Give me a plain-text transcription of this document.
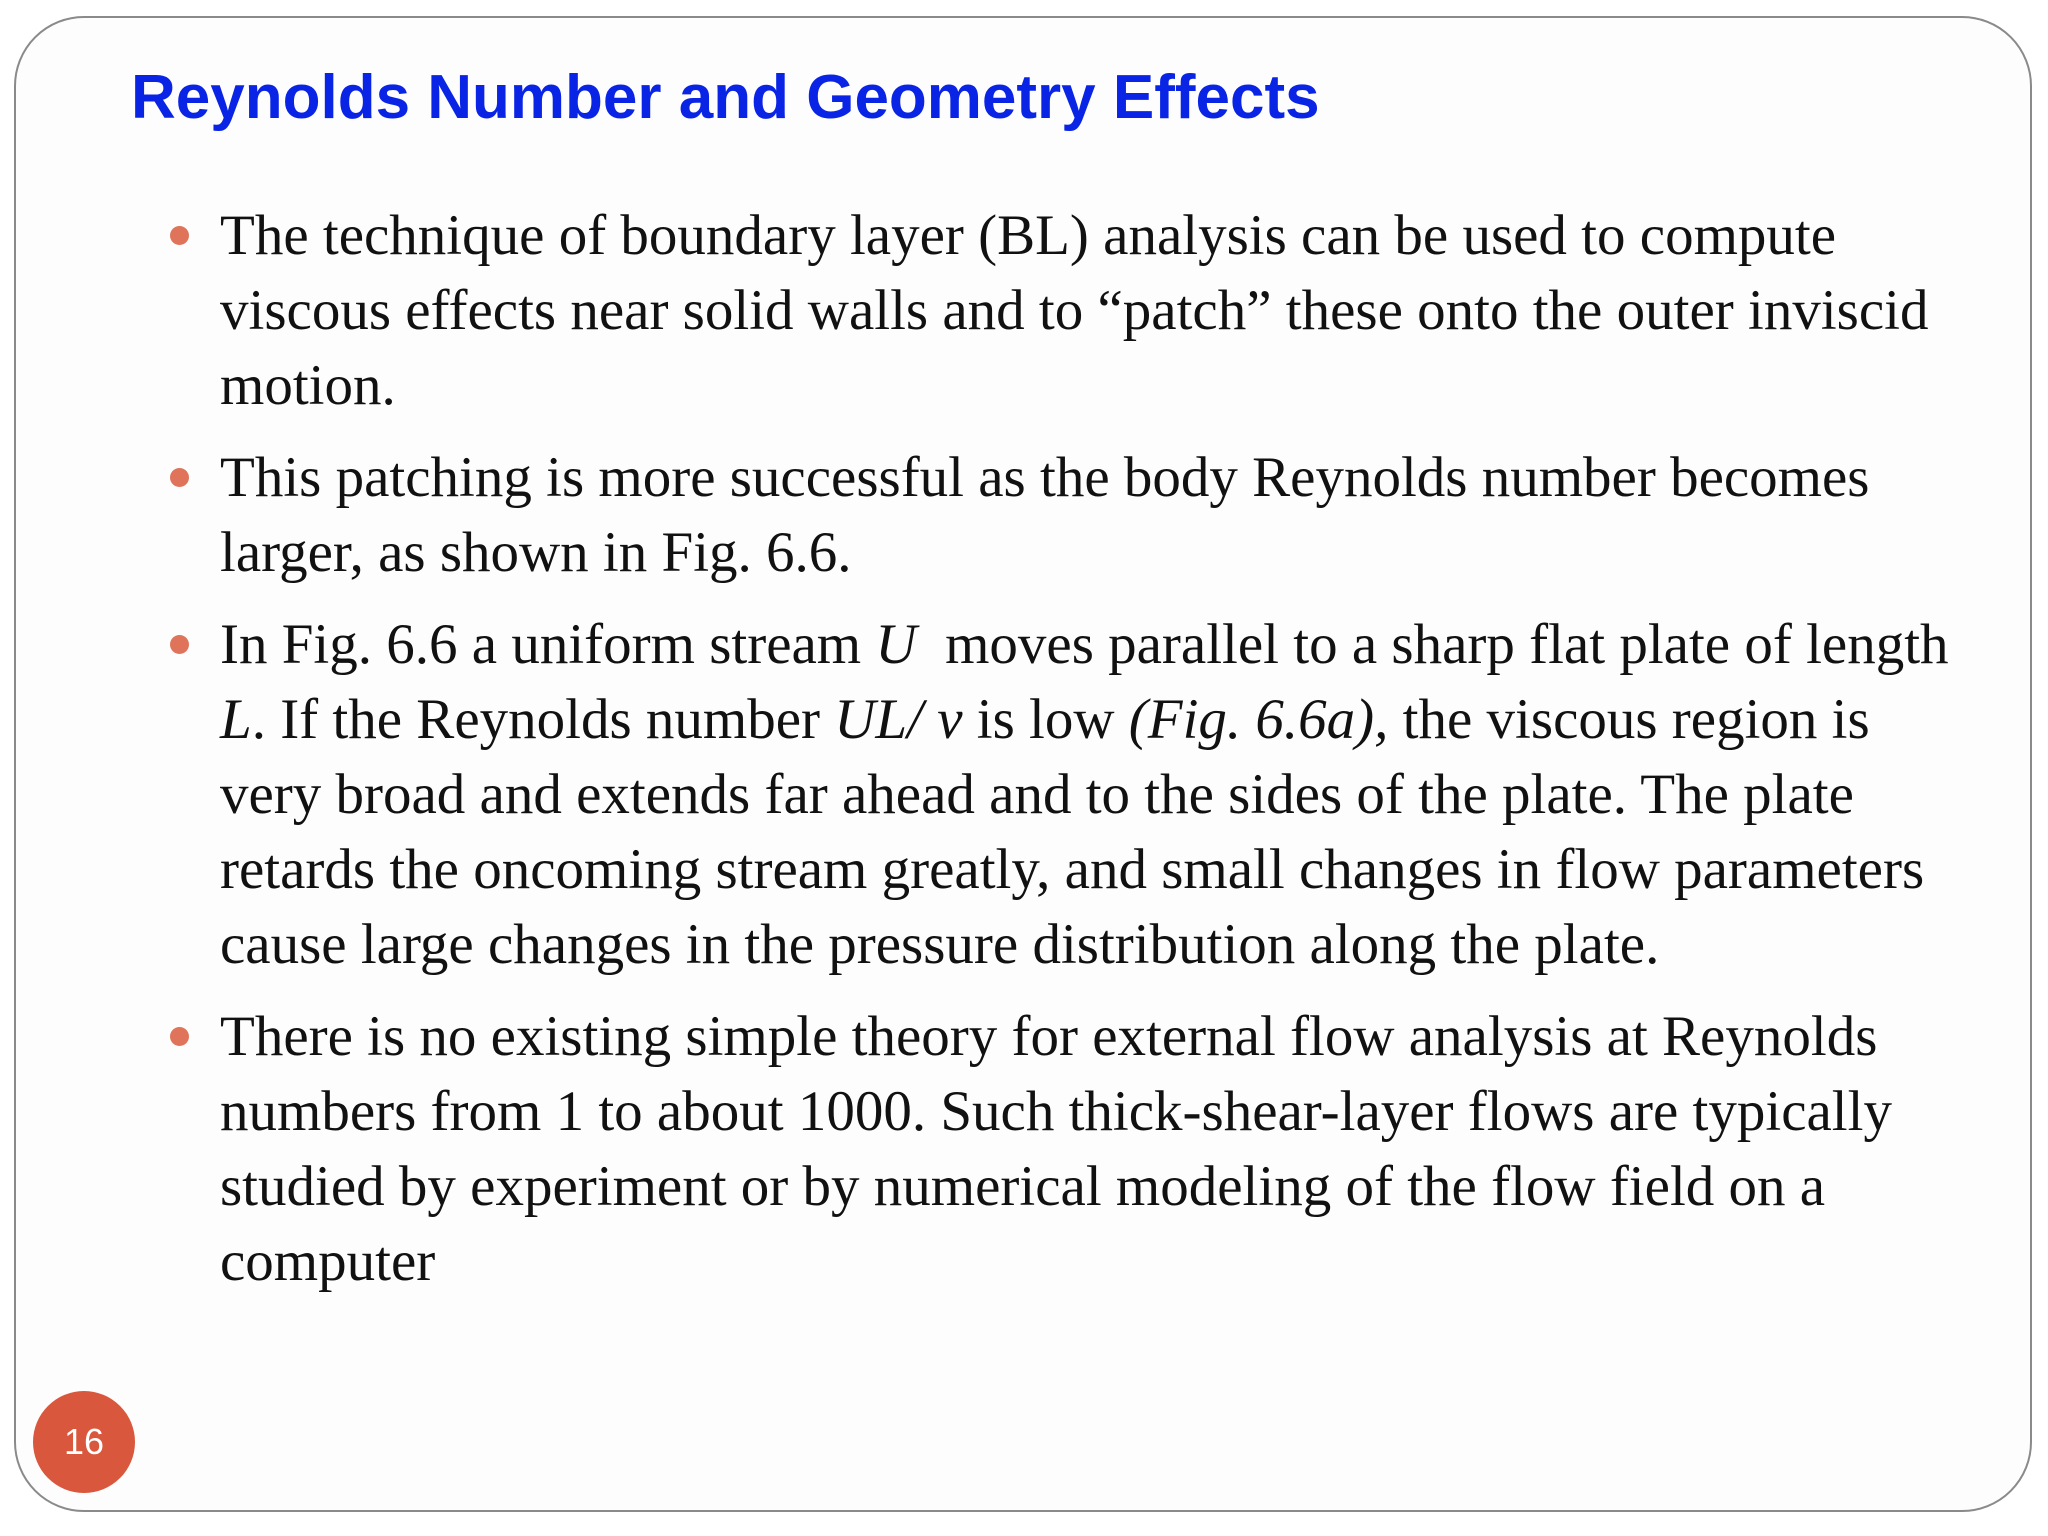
Reynolds Number and Geometry Effects
The technique of boundary layer (BL) analysis can be used to compute viscous effects near solid walls and to “patch” these onto the outer inviscid motion.
This patching is more successful as the body Reynolds number becomes larger, as shown in Fig. 6.6.
In Fig. 6.6 a uniform stream U  moves parallel to a sharp flat plate of length L. If the Reynolds number UL/ v is low (Fig. 6.6a), the viscous region is very broad and extends far ahead and to the sides of the plate. The plate retards the oncoming stream greatly, and small changes in flow parameters cause large changes in the pressure distribution along the plate.
There is no existing simple theory for external flow analysis at Reynolds numbers from 1 to about 1000. Such thick-shear-layer flows are typically studied by experiment or by numerical modeling of the flow field on a computer
16
